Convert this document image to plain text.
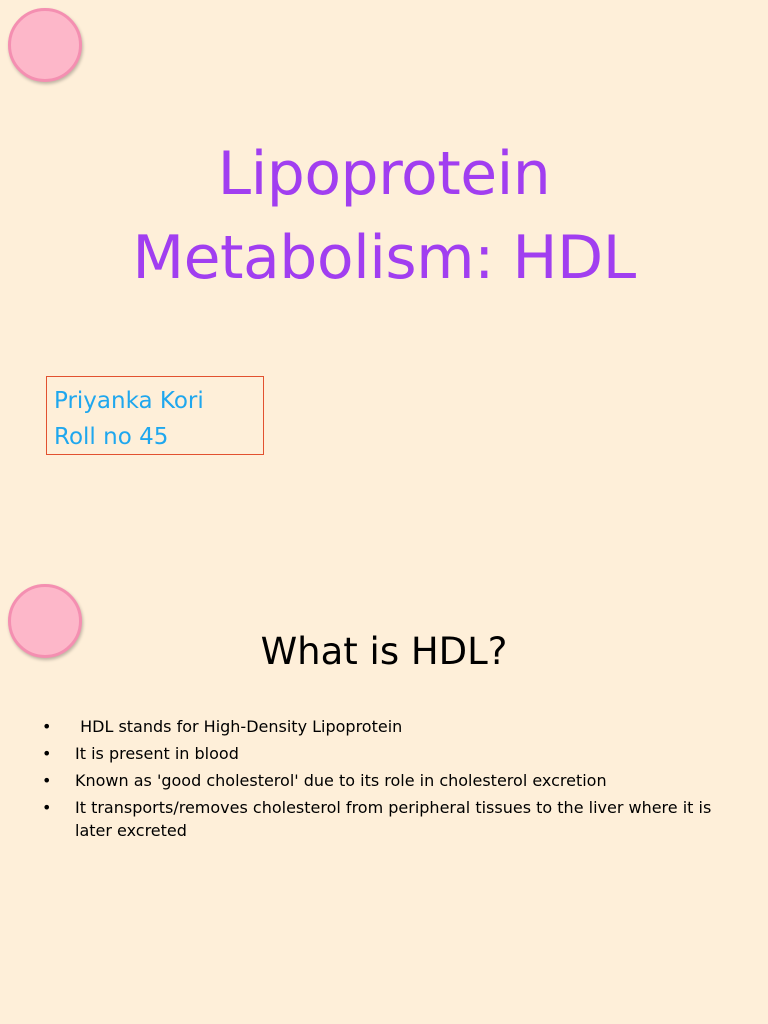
Lipoprotein
Metabolism: HDL
Priyanka Kori
Roll no 45
What is HDL?
• HDL stands for High-Density Lipoprotein
• It is present in blood
• Known as 'good cholesterol' due to its role in cholesterol excretion
• It transports/removes cholesterol from peripheral tissues to the liver where it is later excreted
